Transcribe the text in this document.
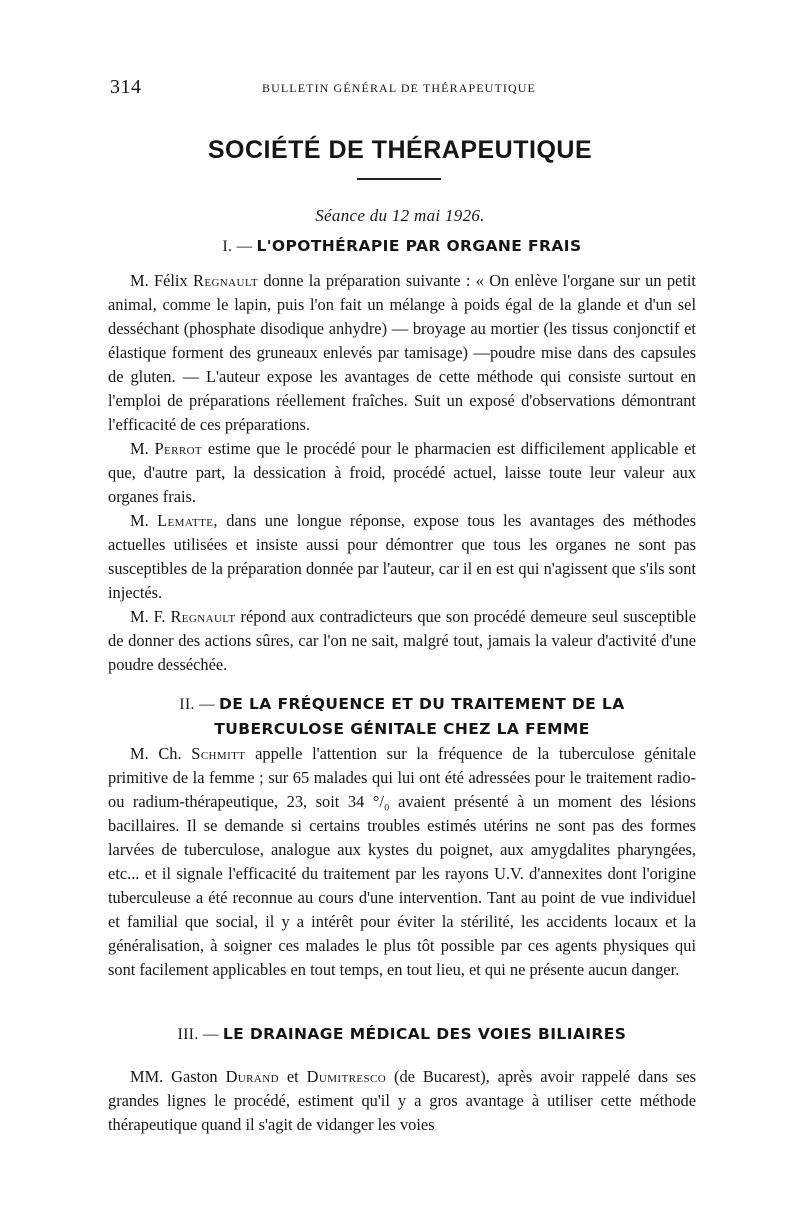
314	BULLETIN GÉNÉRAL DE THÉRAPEUTIQUE
SOCIÉTÉ DE THÉRAPEUTIQUE
Séance du 12 mai 1926.
I. — L'OPOTHÉRAPIE PAR ORGANE FRAIS

M. Félix Regnault donne la préparation suivante : « On enlève l'organe sur un petit animal, comme le lapin, puis l'on fait un mélange à poids égal de la glande et d'un sel desséchant (phosphate disodique anhydre) — broyage au mortier (les tissus conjonctif et élastique forment des gruneaux enlevés par tamisage) —poudre mise dans des capsules de gluten. — L'auteur expose les avantages de cette méthode qui consiste surtout en l'emploi de préparations réellement fraîches. Suit un exposé d'observations démontrant l'efficacité de ces préparations.

M. Perrot estime que le procédé pour le pharmacien est difficilement applicable et que, d'autre part, la dessication à froid, procédé actuel, laisse toute leur valeur aux organes frais.

M. Lematte, dans une longue réponse, expose tous les avantages des méthodes actuelles utilisées et insiste aussi pour démontrer que tous les organes ne sont pas susceptibles de la préparation donnée par l'auteur, car il en est qui n'agissent que s'ils sont injectés.

M. F. Regnault répond aux contradicteurs que son procédé demeure seul susceptible de donner des actions sûres, car l'on ne sait, malgré tout, jamais la valeur d'activité d'une poudre desséchée.

II. — DE LA FRÉQUENCE ET DU TRAITEMENT DE LA
TUBERCULOSE GÉNITALE CHEZ LA FEMME

M. Ch. Schmitt appelle l'attention sur la fréquence de la tuberculose génitale primitive de la femme ; sur 65 malades qui lui ont été adressées pour le traitement radio- ou radium-thérapeutique, 23, soit 34 °/₀ avaient présenté à un moment des lésions bacillaires. Il se demande si certains troubles estimés utérins ne sont pas des formes larvées de tuberculose, analogue aux kystes du poignet, aux amygdalites pharyngées, etc... et il signale l'efficacité du traitement par les rayons U.V. d'annexites dont l'origine tuberculeuse a été reconnue au cours d'une intervention. Tant au point de vue individuel et familial que social, il y a intérêt pour éviter la stérilité, les accidents locaux et la généralisation, à soigner ces malades le plus tôt possible par ces agents physiques qui sont facilement applicables en tout temps, en tout lieu, et qui ne présente aucun danger.

III. — LE DRAINAGE MÉDICAL DES VOIES BILIAIRES

MM. Gaston Durand et Dumitresco (de Bucarest), après avoir rappelé dans ses grandes lignes le procédé, estiment qu'il y a gros avantage à utiliser cette méthode thérapeutique quand il s'agit de vidanger les voies
